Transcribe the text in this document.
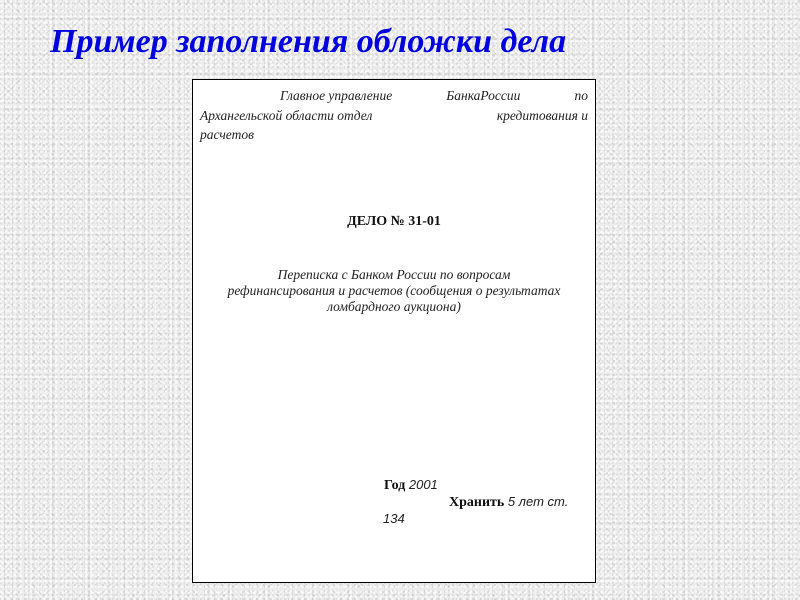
Пример заполнения обложки дела
Главное управление	БанкаРоссии	по
Архангельской области отдел	кредитования и
расчетов
ДЕЛО № 31-01
Переписка с Банком России по вопросам
рефинансирования и расчетов (сообщения о результатах
ломбардного аукциона)
Год 2001
Хранить 5 лет ст.
134
